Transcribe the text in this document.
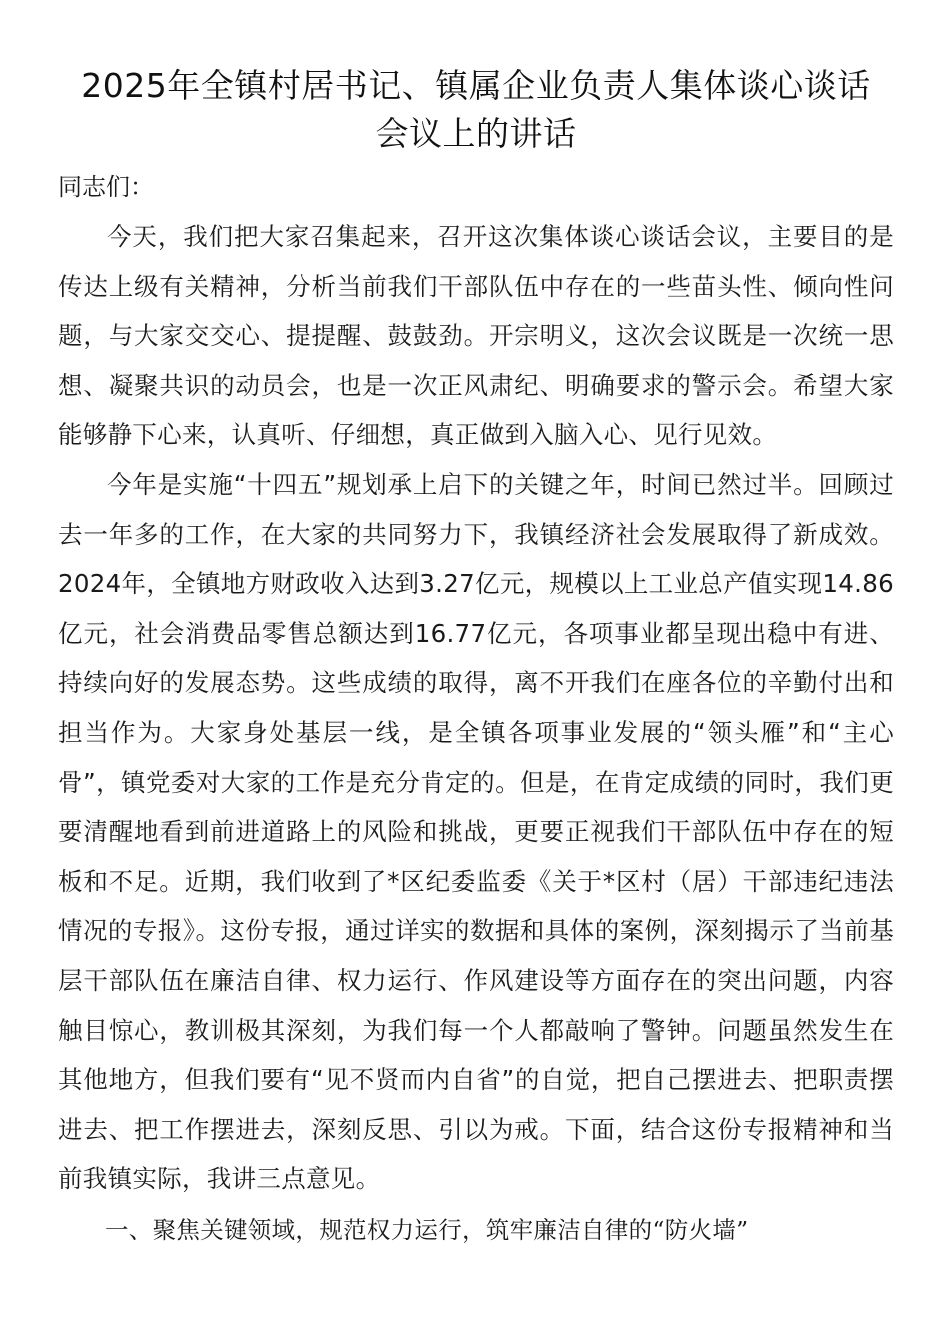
2025年全镇村居书记、镇属企业负责人集体谈心谈话
会议上的讲话

同志们：

今天，我们把大家召集起来，召开这次集体谈心谈话会议，主要目的是传达上级有关精神，分析当前我们干部队伍中存在的一些苗头性、倾向性问题，与大家交交心、提提醒、鼓鼓劲。开宗明义，这次会议既是一次统一思想、凝聚共识的动员会，也是一次正风肃纪、明确要求的警示会。希望大家能够静下心来，认真听、仔细想，真正做到入脑入心、见行见效。

今年是实施“十四五”规划承上启下的关键之年，时间已然过半。回顾过去一年多的工作，在大家的共同努力下，我镇经济社会发展取得了新成效。2024年，全镇地方财政收入达到3.27亿元，规模以上工业总产值实现14.86亿元，社会消费品零售总额达到16.77亿元，各项事业都呈现出稳中有进、持续向好的发展态势。这些成绩的取得，离不开我们在座各位的辛勤付出和担当作为。大家身处基层一线，是全镇各项事业发展的“领头雁”和“主心骨”，镇党委对大家的工作是充分肯定的。但是，在肯定成绩的同时，我们更要清醒地看到前进道路上的风险和挑战，更要正视我们干部队伍中存在的短板和不足。近期，我们收到了*区纪委监委《关于*区村（居）干部违纪违法情况的专报》。这份专报，通过详实的数据和具体的案例，深刻揭示了当前基层干部队伍在廉洁自律、权力运行、作风建设等方面存在的突出问题，内容触目惊心，教训极其深刻，为我们每一个人都敲响了警钟。问题虽然发生在其他地方，但我们要有“见不贤而内自省”的自觉，把自己摆进去、把职责摆进去、把工作摆进去，深刻反思、引以为戒。下面，结合这份专报精神和当前我镇实际，我讲三点意见。

一、聚焦关键领域，规范权力运行，筑牢廉洁自律的“防火墙”
